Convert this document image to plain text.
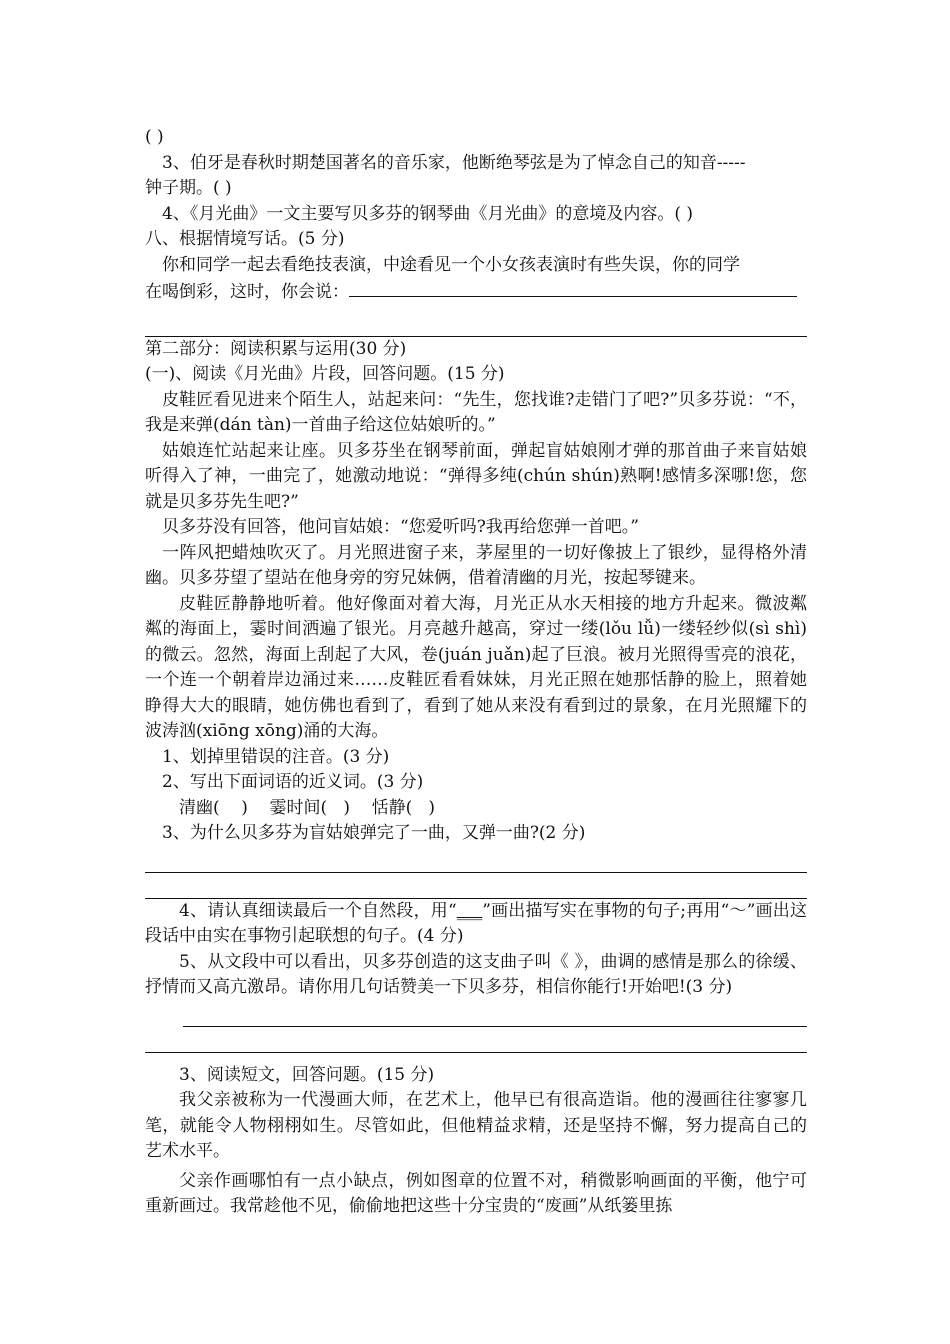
( )

3、伯牙是春秋时期楚国著名的音乐家，他断绝琴弦是为了悼念自己的知音-----
钟子期。( )

4、《月光曲》一文主要写贝多芬的钢琴曲《月光曲》的意境及内容。( )

八、根据情境写话。(5 分)

你和同学一起去看绝技表演，中途看见一个小女孩表演时有些失误，你的同学
在喝倒彩，这时，你会说：

第二部分：阅读积累与运用(30 分)

(一)、阅读《月光曲》片段，回答问题。(15 分)

皮鞋匠看见进来个陌生人，站起来问：“先生，您找谁?走错门了吧?”贝多芬说：“不，我是来弹(dán tàn)一首曲子给这位姑娘听的。”

姑娘连忙站起来让座。贝多芬坐在钢琴前面，弹起盲姑娘刚才弹的那首曲子来盲姑娘听得入了神，一曲完了，她激动地说：“弹得多纯(chún shún)熟啊!感情多深哪!您，您就是贝多芬先生吧?”

贝多芬没有回答，他问盲姑娘：“您爱听吗?我再给您弹一首吧。”

一阵风把蜡烛吹灭了。月光照进窗子来，茅屋里的一切好像披上了银纱，显得格外清幽。贝多芬望了望站在他身旁的穷兄妹俩，借着清幽的月光，按起琴键来。

皮鞋匠静静地听着。他好像面对着大海，月光正从水天相接的地方升起来。微波粼粼的海面上，霎时间洒遍了银光。月亮越升越高，穿过一缕(lǒu lǚ)一缕轻纱似(sì shì)的微云。忽然，海面上刮起了大风，卷(juán juǎn)起了巨浪。被月光照得雪亮的浪花，一个连一个朝着岸边涌过来……皮鞋匠看看妹妹，月光正照在她那恬静的脸上，照着她睁得大大的眼睛，她仿佛也看到了，看到了她从来没有看到过的景象，在月光照耀下的波涛汹(xiōng xōng)涌的大海。

1、划掉里错误的注音。(3 分)

2、写出下面词语的近义词。(3 分)

清幽(    )    霎时间(   )    恬静(   )

3、为什么贝多芬为盲姑娘弹完了一曲，又弹一曲?(2 分)

4、请认真细读最后一个自然段，用“___”画出描写实在事物的句子;再用“～”画出这段话中由实在事物引起联想的句子。(4 分)

5、从文段中可以看出，贝多芬创造的这支曲子叫《 》，曲调的感情是那么的徐缓、抒情而又高亢激昂。请你用几句话赞美一下贝多芬，相信你能行!开始吧!(3 分)

3、阅读短文，回答问题。(15 分)

我父亲被称为一代漫画大师，在艺术上，他早已有很高造诣。他的漫画往往寥寥几笔，就能令人物栩栩如生。尽管如此，但他精益求精，还是坚持不懈，努力提高自己的艺术水平。

父亲作画哪怕有一点小缺点，例如图章的位置不对，稍微影响画面的平衡，他宁可重新画过。我常趁他不见，偷偷地把这些十分宝贵的“废画”从纸篓里拣
